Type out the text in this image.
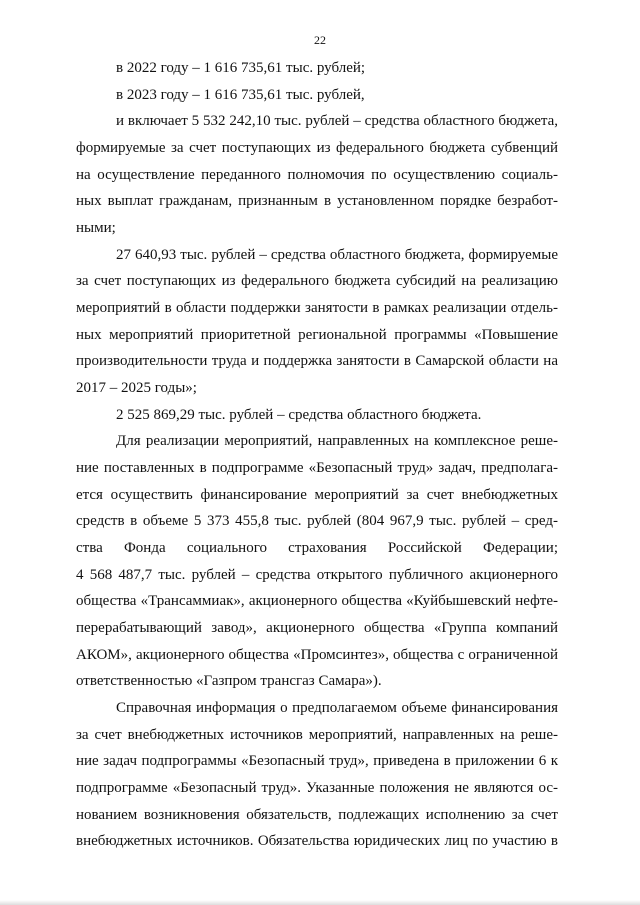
22
в 2022 году – 1 616 735,61 тыс. рублей;
в 2023 году – 1 616 735,61 тыс. рублей,
и включает 5 532 242,10 тыс. рублей – средства областного бюджета,
формируемые за счет поступающих из федерального бюджета субвенций
на осуществление переданного полномочия по осуществлению социаль-
ных выплат гражданам, признанным в установленном порядке безработ-
ными;
27 640,93 тыс. рублей – средства областного бюджета, формируемые
за счет поступающих из федерального бюджета субсидий на реализацию
мероприятий в области поддержки занятости в рамках реализации отдель-
ных мероприятий приоритетной региональной программы «Повышение
производительности труда и поддержка занятости в Самарской области на
2017 – 2025 годы»;
2 525 869,29 тыс. рублей – средства областного бюджета.
Для реализации мероприятий, направленных на комплексное реше-
ние поставленных в подпрограмме «Безопасный труд» задач, предполага-
ется осуществить финансирование мероприятий за счет внебюджетных
средств в объеме 5 373 455,8 тыс. рублей (804 967,9 тыс. рублей – сред-
ства Фонда социального страхования Российской Федерации;
4 568 487,7 тыс. рублей – средства открытого публичного акционерного
общества «Трансаммиак», акционерного общества «Куйбышевский нефте-
перерабатывающий завод», акционерного общества «Группа компаний
АКОМ», акционерного общества «Промсинтез», общества с ограниченной
ответственностью «Газпром трансгаз Самара»).
Справочная информация о предполагаемом объеме финансирования
за счет внебюджетных источников мероприятий, направленных на реше-
ние задач подпрограммы «Безопасный труд», приведена в приложении 6 к
подпрограмме «Безопасный труд». Указанные положения не являются ос-
нованием возникновения обязательств, подлежащих исполнению за счет
внебюджетных источников. Обязательства юридических лиц по участию в
